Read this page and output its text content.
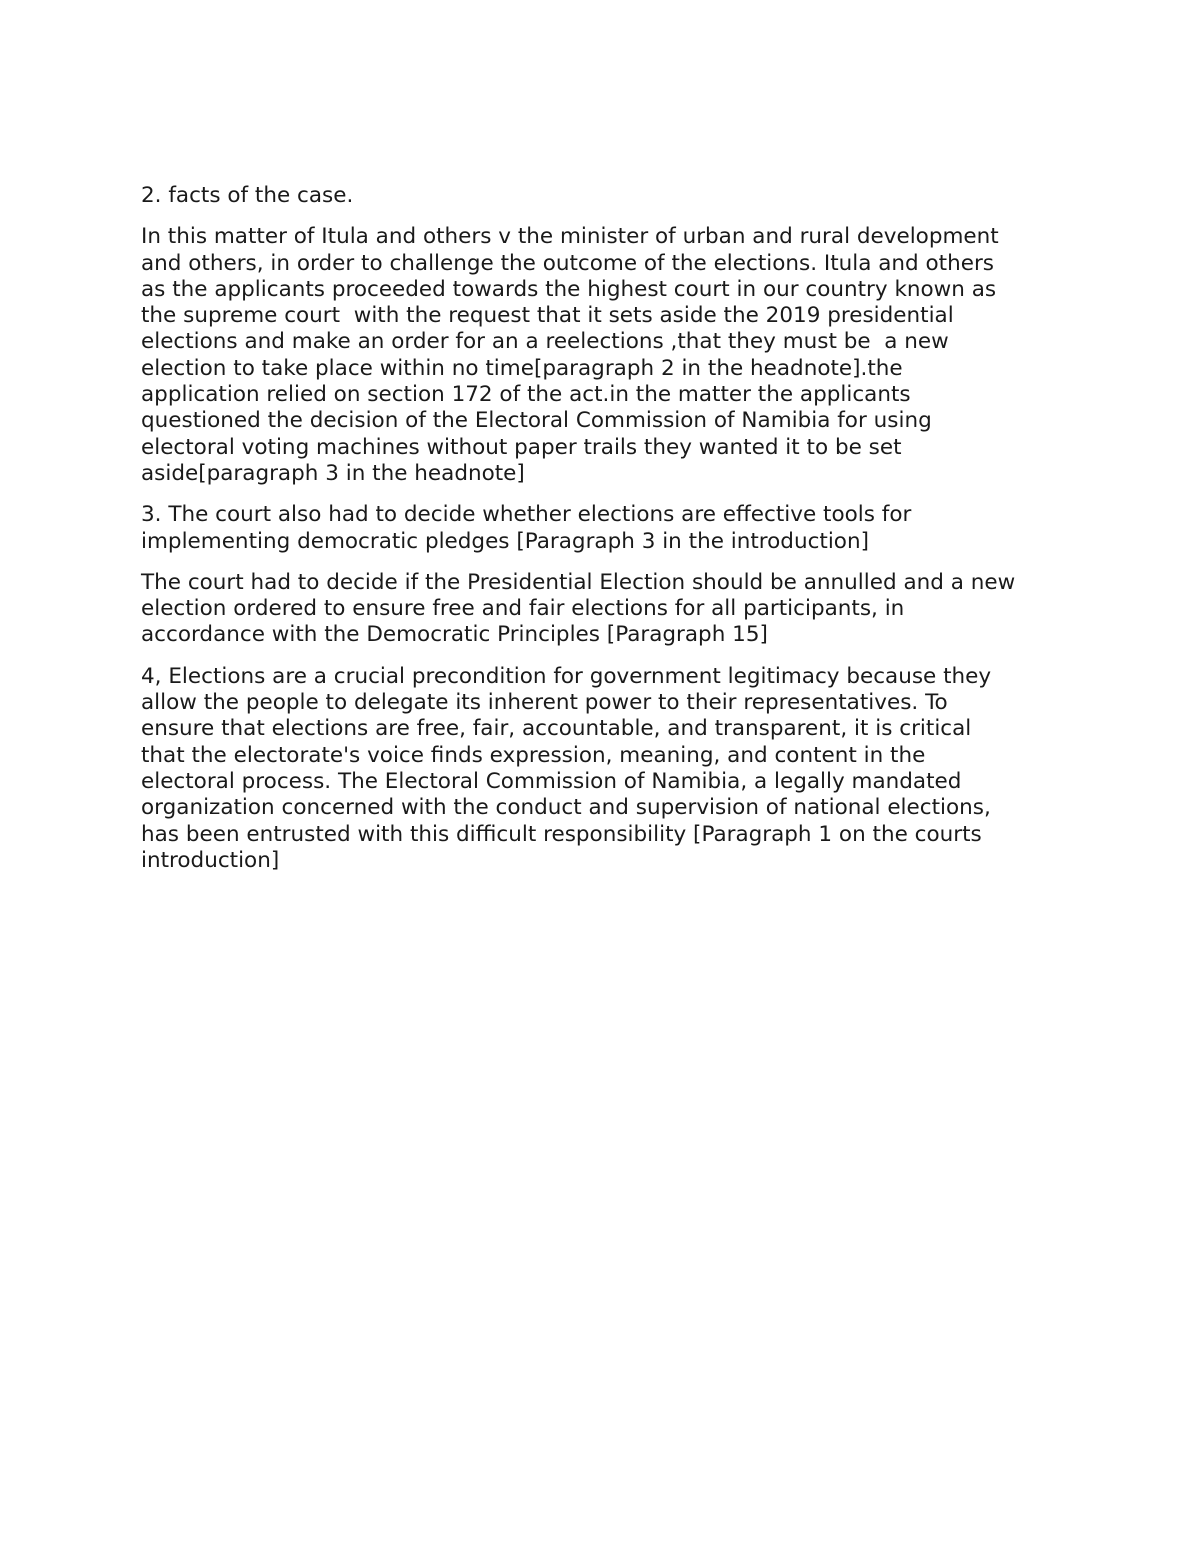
2. facts of the case.

In this matter of Itula and others v the minister of urban and rural development
and others, in order to challenge the outcome of the elections. Itula and others
as the applicants proceeded towards the highest court in our country known as
the supreme court  with the request that it sets aside the 2019 presidential
elections and make an order for an a reelections ,that they must be  a new
election to take place within no time[paragraph 2 in the headnote].the
application relied on section 172 of the act.in the matter the applicants
questioned the decision of the Electoral Commission of Namibia for using
electoral voting machines without paper trails they wanted it to be set
aside[paragraph 3 in the headnote]

3. The court also had to decide whether elections are effective tools for
implementing democratic pledges [Paragraph 3 in the introduction]

The court had to decide if the Presidential Election should be annulled and a new
election ordered to ensure free and fair elections for all participants, in
accordance with the Democratic Principles [Paragraph 15]

4, Elections are a crucial precondition for government legitimacy because they
allow the people to delegate its inherent power to their representatives. To
ensure that elections are free, fair, accountable, and transparent, it is critical
that the electorate's voice finds expression, meaning, and content in the
electoral process. The Electoral Commission of Namibia, a legally mandated
organization concerned with the conduct and supervision of national elections,
has been entrusted with this difficult responsibility [Paragraph 1 on the courts
introduction]
